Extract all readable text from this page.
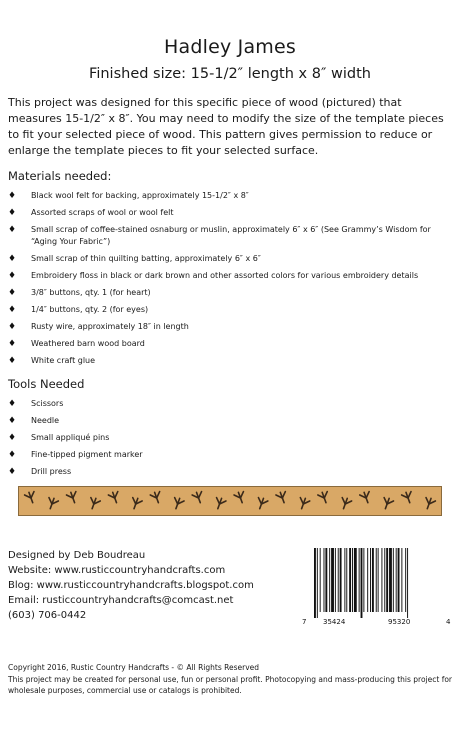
Hadley James
Finished size: 15-1/2″ length x 8″ width
This project was designed for this specific piece of wood (pictured) that measures 15-1/2″ x 8″. You may need to modify the size of the template pieces to fit your selected piece of wood. This pattern gives permission to reduce or enlarge the template pieces to fit your selected surface.
Materials needed:
♦ Black wool felt for backing, approximately 15-1/2″ x 8″
♦ Assorted scraps of wool or wool felt
♦ Small scrap of coffee-stained osnaburg or muslin, approximately 6″ x 6″ (See Grammy’s Wisdom for “Aging Your Fabric”)
♦ Small scrap of thin quilting batting, approximately 6″ x 6″
♦ Embroidery floss in black or dark brown and other assorted colors for various embroidery details
♦ 3/8″ buttons, qty. 1 (for heart)
♦ 1/4″ buttons, qty. 2 (for eyes)
♦ Rusty wire, approximately 18″ in length
♦ Weathered barn wood board
♦ White craft glue
Tools Needed
♦ Scissors
♦ Needle
♦ Small appliqué pins
♦ Fine-tipped pigment marker
♦ Drill press
Designed by Deb Boudreau
Website: www.rusticcountryhandcrafts.com
Blog: www.rusticcountryhandcrafts.blogspot.com
Email: rusticcountryhandcrafts@comcast.net
(603) 706-0442
7 35424	95320	4
Copyright 2016, Rustic Country Handcrafts - © All Rights Reserved
This project may be created for personal use, fun or personal profit. Photocopying and mass-producing this project for wholesale purposes, commercial use or catalogs is prohibited.
